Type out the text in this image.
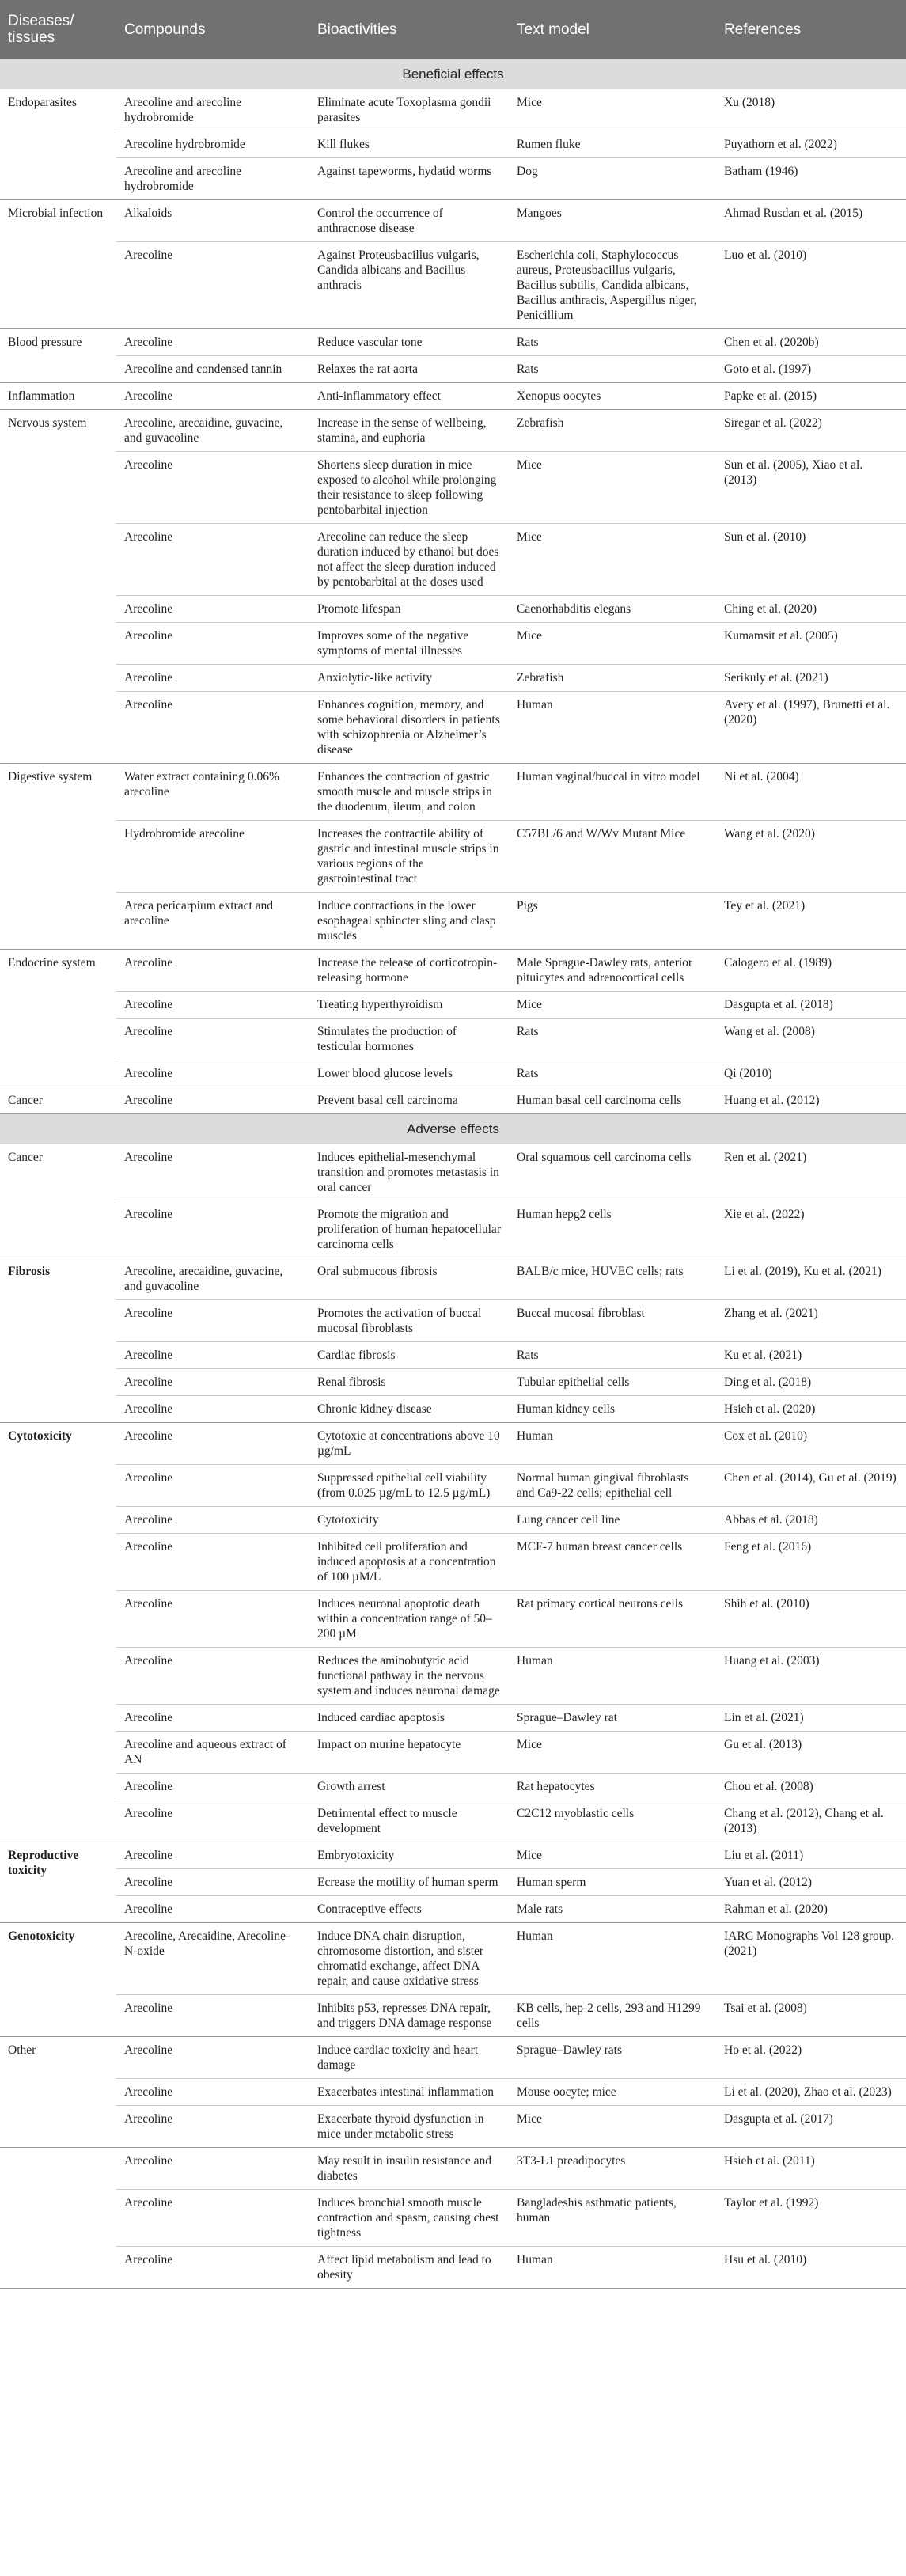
Diseases/ tissues	Compounds	Bioactivities	Text model	References
Beneficial effects				
Endoparasites	Arecoline and arecoline hydrobromide	Eliminate acute Toxoplasma gondii parasites	Mice	Xu (2018)
	Arecoline hydrobromide	Kill flukes	Rumen fluke	Puyathorn et al. (2022)
	Arecoline and arecoline hydrobromide	Against tapeworms, hydatid worms	Dog	Batham (1946)
Microbial infection	Alkaloids	Control the occurrence of anthracnose disease	Mangoes	Ahmad Rusdan et al. (2015)
	Arecoline	Against Proteusbacillus vulgaris, Candida albicans and Bacillus anthracis	Escherichia coli, Staphylococcus aureus, Proteusbacillus vulgaris, Bacillus subtilis, Candida albicans, Bacillus anthracis, Aspergillus niger, Penicillium	Luo et al. (2010)
Blood pressure	Arecoline	Reduce vascular tone	Rats	Chen et al. (2020b)
	Arecoline and condensed tannin	Relaxes the rat aorta	Rats	Goto et al. (1997)
Inflammation	Arecoline	Anti-inflammatory effect	Xenopus oocytes	Papke et al. (2015)
Nervous system	Arecoline, arecaidine, guvacine, and guvacoline	Increase in the sense of wellbeing, stamina, and euphoria	Zebrafish	Siregar et al. (2022)
	Arecoline	Shortens sleep duration in mice exposed to alcohol while prolonging their resistance to sleep following pentobarbital injection	Mice	Sun et al. (2005), Xiao et al. (2013)
	Arecoline	Arecoline can reduce the sleep duration induced by ethanol but does not affect the sleep duration induced by pentobarbital at the doses used	Mice	Sun et al. (2010)
	Arecoline	Promote lifespan	Caenorhabditis elegans	Ching et al. (2020)
	Arecoline	Improves some of the negative symptoms of mental illnesses	Mice	Kumamsit et al. (2005)
	Arecoline	Anxiolytic-like activity	Zebrafish	Serikuly et al. (2021)
	Arecoline	Enhances cognition, memory, and some behavioral disorders in patients with schizophrenia or Alzheimer’s disease	Human	Avery et al. (1997), Brunetti et al. (2020)
Digestive system	Water extract containing 0.06% arecoline	Enhances the contraction of gastric smooth muscle and muscle strips in the duodenum, ileum, and colon	Human vaginal/buccal in vitro model	Ni et al. (2004)
	Hydrobromide arecoline	Increases the contractile ability of gastric and intestinal muscle strips in various regions of the gastrointestinal tract	C57BL/6 and W/Wv Mutant Mice	Wang et al. (2020)
	Areca pericarpium extract and arecoline	Induce contractions in the lower esophageal sphincter sling and clasp muscles	Pigs	Tey et al. (2021)
Endocrine system	Arecoline	Increase the release of corticotropin-releasing hormone	Male Sprague-Dawley rats, anterior pituicytes and adrenocortical cells	Calogero et al. (1989)
	Arecoline	Treating hyperthyroidism	Mice	Dasgupta et al. (2018)
	Arecoline	Stimulates the production of testicular hormones	Rats	Wang et al. (2008)
	Arecoline	Lower blood glucose levels	Rats	Qi (2010)
Cancer	Arecoline	Prevent basal cell carcinoma	Human basal cell carcinoma cells	Huang et al. (2012)
Adverse effects				
Cancer	Arecoline	Induces epithelial-mesenchymal transition and promotes metastasis in oral cancer	Oral squamous cell carcinoma cells	Ren et al. (2021)
	Arecoline	Promote the migration and proliferation of human hepatocellular carcinoma cells	Human hepg2 cells	Xie et al. (2022)
Fibrosis	Arecoline, arecaidine, guvacine, and guvacoline	Oral submucous fibrosis	BALB/c mice, HUVEC cells; rats	Li et al. (2019), Ku et al. (2021)
	Arecoline	Promotes the activation of buccal mucosal fibroblasts	Buccal mucosal fibroblast	Zhang et al. (2021)
	Arecoline	Cardiac fibrosis	Rats	Ku et al. (2021)
	Arecoline	Renal fibrosis	Tubular epithelial cells	Ding et al. (2018)
	Arecoline	Chronic kidney disease	Human kidney cells	Hsieh et al. (2020)
Cytotoxicity	Arecoline	Cytotoxic at concentrations above 10 µg/mL	Human	Cox et al. (2010)
	Arecoline	Suppressed epithelial cell viability (from 0.025 µg/mL to 12.5 µg/mL)	Normal human gingival fibroblasts and Ca9-22 cells; epithelial cell	Chen et al. (2014), Gu et al. (2019)
	Arecoline	Cytotoxicity	Lung cancer cell line	Abbas et al. (2018)
	Arecoline	Inhibited cell proliferation and induced apoptosis at a concentration of 100 µM/L	MCF-7 human breast cancer cells	Feng et al. (2016)
	Arecoline	Induces neuronal apoptotic death within a concentration range of 50–200 µM	Rat primary cortical neurons cells	Shih et al. (2010)
	Arecoline	Reduces the aminobutyric acid functional pathway in the nervous system and induces neuronal damage	Human	Huang et al. (2003)
	Arecoline	Induced cardiac apoptosis	Sprague–Dawley rat	Lin et al. (2021)
	Arecoline and aqueous extract of AN	Impact on murine hepatocyte	Mice	Gu et al. (2013)
	Arecoline	Growth arrest	Rat hepatocytes	Chou et al. (2008)
	Arecoline	Detrimental effect to muscle development	C2C12 myoblastic cells	Chang et al. (2012), Chang et al. (2013)
Reproductive toxicity	Arecoline	Embryotoxicity	Mice	Liu et al. (2011)
	Arecoline	Ecrease the motility of human sperm	Human sperm	Yuan et al. (2012)
	Arecoline	Contraceptive effects	Male rats	Rahman et al. (2020)
Genotoxicity	Arecoline, Arecaidine, Arecoline-N-oxide	Induce DNA chain disruption, chromosome distortion, and sister chromatid exchange, affect DNA repair, and cause oxidative stress	Human	IARC Monographs Vol 128 group. (2021)
	Arecoline	Inhibits p53, represses DNA repair, and triggers DNA damage response	KB cells, hep-2 cells, 293 and H1299 cells	Tsai et al. (2008)
Other	Arecoline	Induce cardiac toxicity and heart damage	Sprague–Dawley rats	Ho et al. (2022)
	Arecoline	Exacerbates intestinal inflammation	Mouse oocyte; mice	Li et al. (2020), Zhao et al. (2023)
	Arecoline	Exacerbate thyroid dysfunction in mice under metabolic stress	Mice	Dasgupta et al. (2017)
	Arecoline	May result in insulin resistance and diabetes	3T3-L1 preadipocytes	Hsieh et al. (2011)
	Arecoline	Induces bronchial smooth muscle contraction and spasm, causing chest tightness	Bangladeshis asthmatic patients, human	Taylor et al. (1992)
	Arecoline	Affect lipid metabolism and lead to obesity	Human	Hsu et al. (2010)
